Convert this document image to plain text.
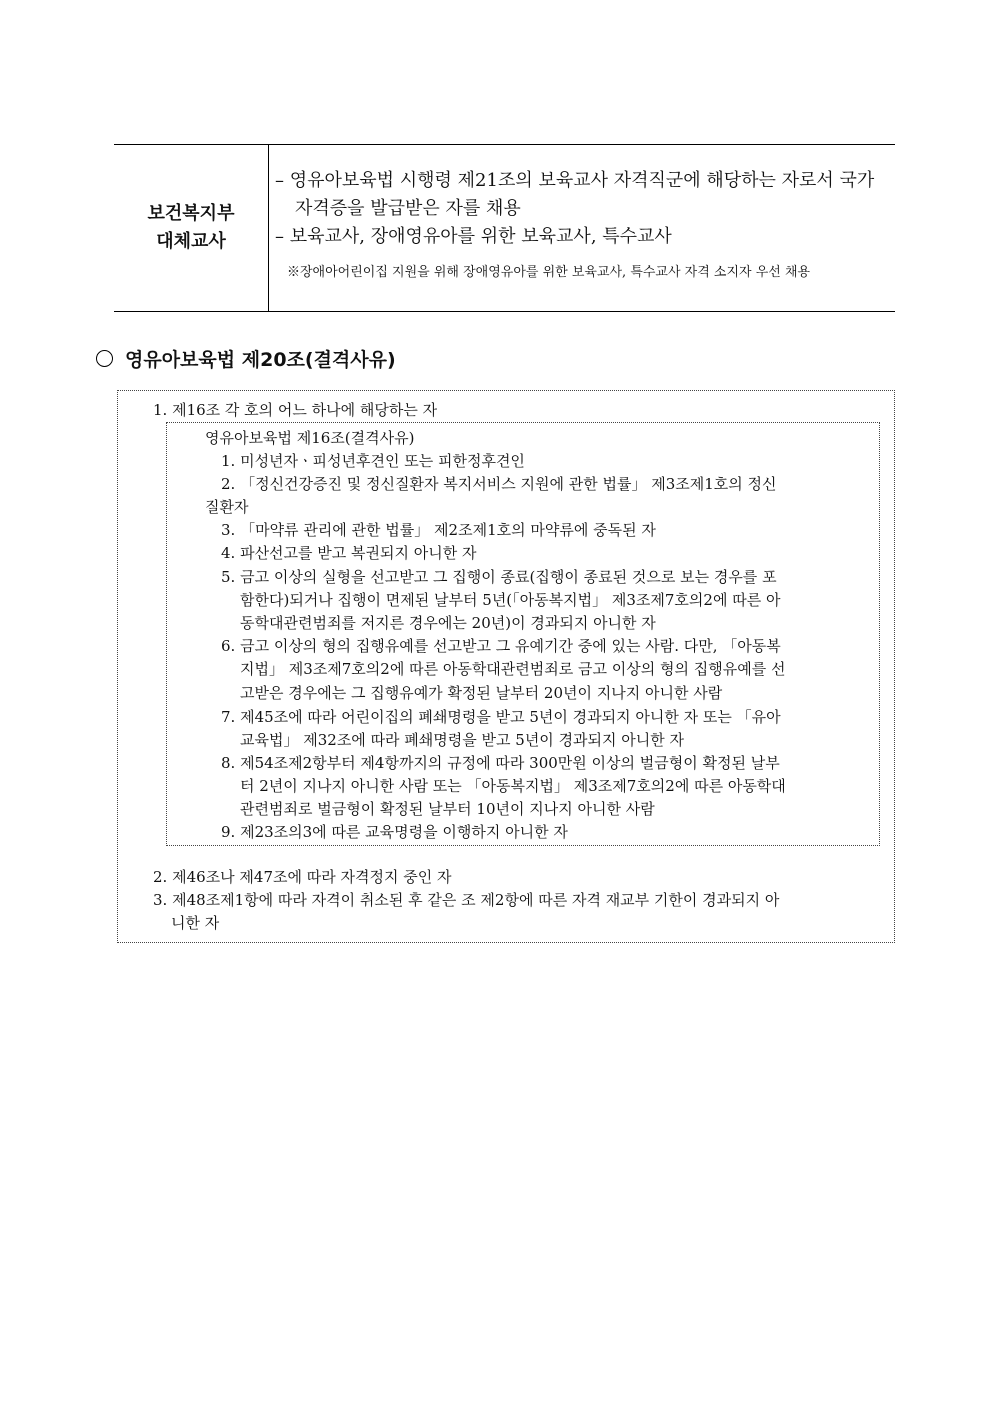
보건복지부
대체교사
– 영유아보육법 시행령 제21조의 보육교사 자격직군에 해당하는 자로서 국가
자격증을 발급받은 자를 채용
– 보육교사, 장애영유아를 위한 보육교사, 특수교사
※장애아어린이집 지원을 위해 장애영유아를 위한 보육교사, 특수교사 자격 소지자 우선 채용
영유아보육법 제20조(결격사유)
1. 제16조 각 호의 어느 하나에 해당하는 자
영유아보육법 제16조(결격사유)
1. 미성년자ㆍ피성년후견인 또는 피한정후견인
2. 「정신건강증진 및 정신질환자 복지서비스 지원에 관한 법률」 제3조제1호의 정신
질환자
3. 「마약류 관리에 관한 법률」 제2조제1호의 마약류에 중독된 자
4. 파산선고를 받고 복권되지 아니한 자
5. 금고 이상의 실형을 선고받고 그 집행이 종료(집행이 종료된 것으로 보는 경우를 포
함한다)되거나 집행이 면제된 날부터 5년(「아동복지법」 제3조제7호의2에 따른 아
동학대관련범죄를 저지른 경우에는 20년)이 경과되지 아니한 자
6. 금고 이상의 형의 집행유예를 선고받고 그 유예기간 중에 있는 사람. 다만, 「아동복
지법」 제3조제7호의2에 따른 아동학대관련범죄로 금고 이상의 형의 집행유예를 선
고받은 경우에는 그 집행유예가 확정된 날부터 20년이 지나지 아니한 사람
7. 제45조에 따라 어린이집의 폐쇄명령을 받고 5년이 경과되지 아니한 자 또는 「유아
교육법」 제32조에 따라 폐쇄명령을 받고 5년이 경과되지 아니한 자
8. 제54조제2항부터 제4항까지의 규정에 따라 300만원 이상의 벌금형이 확정된 날부
터 2년이 지나지 아니한 사람 또는 「아동복지법」 제3조제7호의2에 따른 아동학대
관련범죄로 벌금형이 확정된 날부터 10년이 지나지 아니한 사람
9. 제23조의3에 따른 교육명령을 이행하지 아니한 자
2. 제46조나 제47조에 따라 자격정지 중인 자
3. 제48조제1항에 따라 자격이 취소된 후 같은 조 제2항에 따른 자격 재교부 기한이 경과되지 아
니한 자
